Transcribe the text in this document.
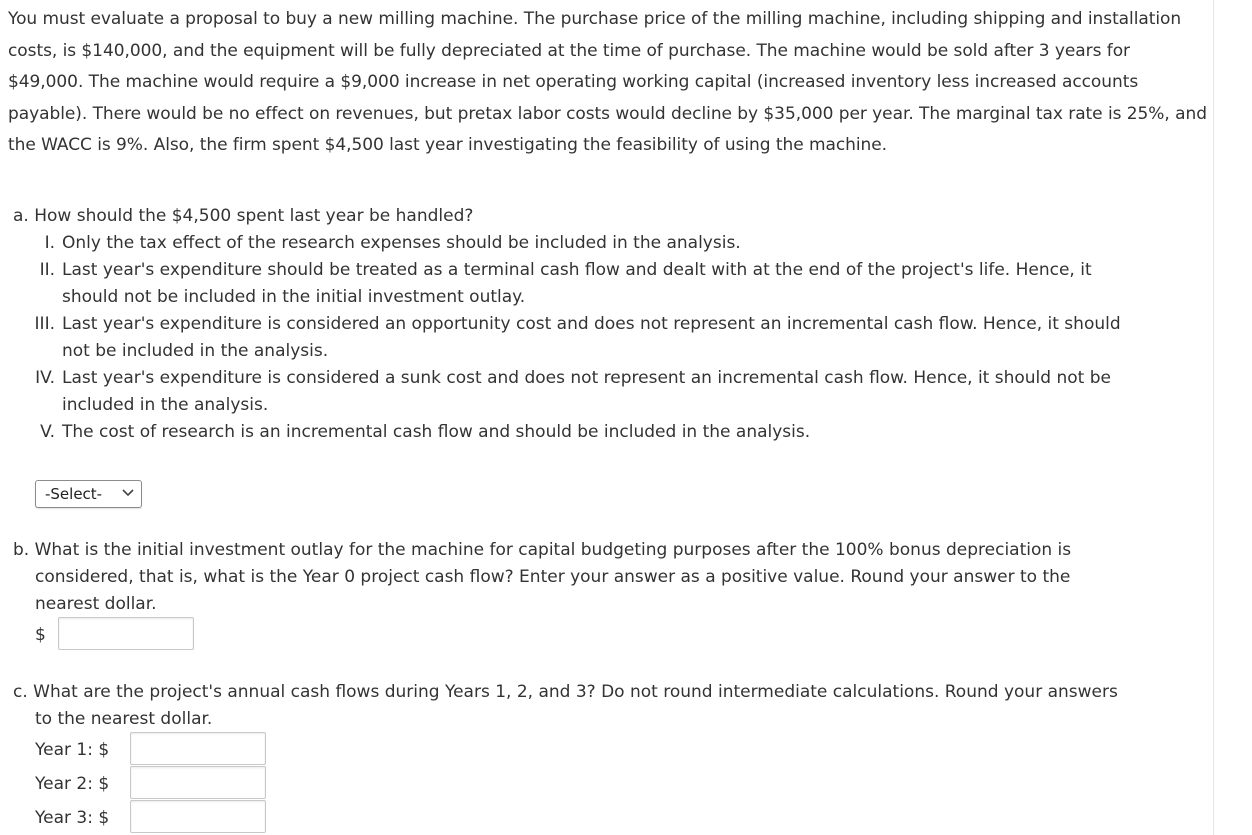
You must evaluate a proposal to buy a new milling machine. The purchase price of the milling machine, including shipping and installation costs, is $140,000, and the equipment will be fully depreciated at the time of purchase. The machine would be sold after 3 years for $49,000. The machine would require a $9,000 increase in net operating working capital (increased inventory less increased accounts payable). There would be no effect on revenues, but pretax labor costs would decline by $35,000 per year. The marginal tax rate is 25%, and the WACC is 9%. Also, the firm spent $4,500 last year investigating the feasibility of using the machine.
a. How should the $4,500 spent last year be handled?
I. Only the tax effect of the research expenses should be included in the analysis.
II. Last year's expenditure should be treated as a terminal cash flow and dealt with at the end of the project's life. Hence, it
should not be included in the initial investment outlay.
III. Last year's expenditure is considered an opportunity cost and does not represent an incremental cash flow. Hence, it should
not be included in the analysis.
IV. Last year's expenditure is considered a sunk cost and does not represent an incremental cash flow. Hence, it should not be
included in the analysis.
V. The cost of research is an incremental cash flow and should be included in the analysis.
-Select-
b. What is the initial investment outlay for the machine for capital budgeting purposes after the 100% bonus depreciation is
considered, that is, what is the Year 0 project cash flow? Enter your answer as a positive value. Round your answer to the
nearest dollar.
$
c. What are the project's annual cash flows during Years 1, 2, and 3? Do not round intermediate calculations. Round your answers
to the nearest dollar.
Year 1: $
Year 2: $
Year 3: $
